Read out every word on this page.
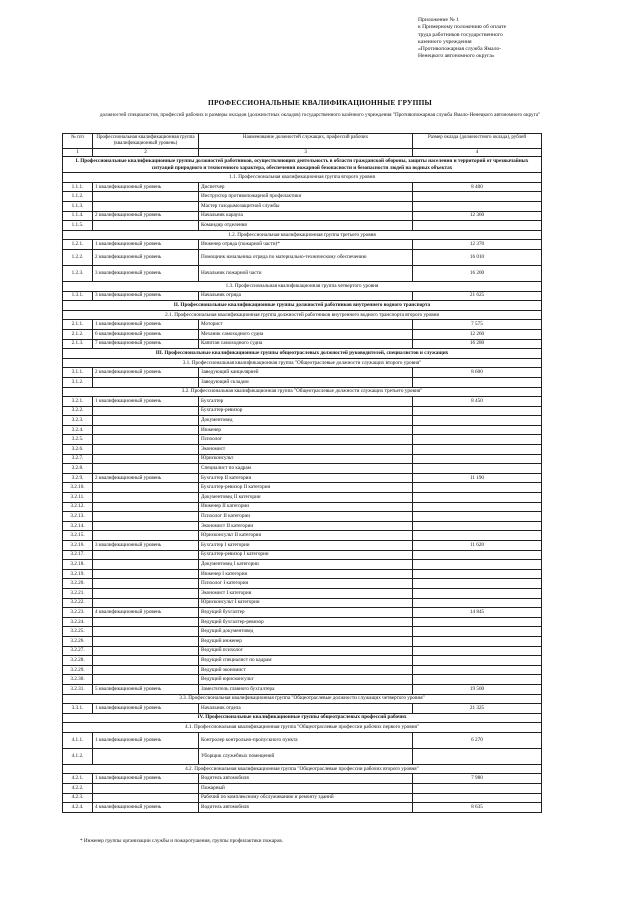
Приложение № 1
к Примерному положению об оплате
труда работников государственного
казенного учреждения
«Противопожарная служба Ямало-
Ненецкого автономного округа»
ПРОФЕССИОНАЛЬНЫЕ КВАЛИФИКАЦИОННЫЕ ГРУППЫ
должностей специалистов, профессий рабочих и размеры окладов (должностных окладов) государственного казённого учреждения "Противопожарная служба Ямало-Ненецкого автономного округа"
№ п/п	Профессиональная квалификационная группа (квалификационный уровень)	Наименование должностей служащих, профессий рабочих	Размер оклада (должностного оклада), рублей
1	2	3	4
I. Профессиональные квалификационные группы должностей работников, осуществляющих деятельность в области гражданской обороны, защиты населения и территорий от чрезвычайных ситуаций природного и техногенного характера, обеспечения пожарной безопасности и безопасности людей на водных объектах			
1.1. Профессиональная квалификационная группа второго уровня			
1.1.1.	1 квалификационный уровень	Диспетчер	8 400
1.1.2.		Инструктор противопожарной профилактики	
1.1.3.		Мастер газодымозащитной службы	
1.1.4.	2 квалификационный уровень	Начальник караула	12 360
1.1.5.		Командир отделения	
1.2. Профессиональная квалификационная группа третьего уровня			
1.2.1.	1 квалификационный уровень	Инженер отряда (пожарной части)*	12 370
1.2.2.	2 квалификационный уровень	Помощник начальника отряда по материально-техническому обеспечению	16 010
1.2.3.	3 квалификационный уровень	Начальник пожарной части	16 200
1.3. Профессиональная квалификационная группа четвертого уровня			
1.3.1.	3 квалификационный уровень	Начальник отряда	21 625
II. Профессиональные квалификационные группы должностей работников внутреннего водного транспорта			
2.1. Профессиональная квалификационная группа должностей работников внутреннего водного транспорта второго уровня			
2.1.1.	1 квалификационный уровень	Моторист	7 575
2.1.2.	6 квалификационный уровень	Механик самоходного судна	12 260
2.1.3.	7 квалификационный уровень	Капитан самоходного судна	16 280
III. Профессиональные квалификационные группы общеотраслевых должностей руководителей, специалистов и служащих			
3.1. Профессиональная квалификационная группа "Общеотраслевые должности служащих второго уровня"			
3.1.1.	2 квалификационный уровень	Заведующий канцелярией	8 600
3.1.2.		Заведующий складом	
3.2. Профессиональная квалификационная группа "Общеотраслевые должности служащих третьего уровня"			
3.2.1.	1 квалификационный уровень	Бухгалтер	8 450
3.2.2.		Бухгалтер-ревизор	
3.2.3.		Документовед	
3.2.4.		Инженер	
3.2.5.		Психолог	
3.2.6.		Экономист	
3.2.7.		Юрисконсульт	
3.2.8.		Специалист по кадрам	
3.2.9.	2 квалификационный уровень	Бухгалтер II категории	11 190
3.2.10.		Бухгалтер-ревизор II категории	
3.2.11.		Документовед II категории	
3.2.12.		Инженер II категории	
3.2.13.		Психолог II категории	
3.2.14.		Экономист II категории	
3.2.15.		Юрисконсульт II категории	
3.2.16.	3 квалификационный уровень	Бухгалтер I категории	11 620
3.2.17.		Бухгалтер-ревизор I категории	
3.2.18.		Документовед I категории	
3.2.19.		Инженер I категории	
3.2.20.		Психолог I категории	
3.2.21.		Экономист I категории	
3.2.22.		Юрисконсульт I категории	
3.2.23.	4 квалификационный уровень	Ведущий бухгалтер	14 845
3.2.24.		Ведущий бухгалтер-ревизор	
3.2.25.		Ведущий документовед	
3.2.26.		Ведущий инженер	
3.2.27.		Ведущий психолог	
3.2.28.		Ведущий специалист по кадрам	
3.2.29.		Ведущий экономист	
3.2.30.		Ведущий юрисконсульт	
3.2.31.	5 квалификационный уровень	Заместитель главного бухгалтера	19 500
3.3. Профессиональная квалификационная группа "Общеотраслевые должности служащих четвертого уровня"			
3.3.1.	1 квалификационный уровень	Начальник отдела	21 325
IV. Профессиональные квалификационные группы общеотраслевых профессий рабочих			
4.1. Профессиональная квалификационная группа "Общеотраслевые профессии рабочих первого уровня"			
4.1.1.	1 квалификационный уровень	Контролер контрольно-пропускного пункта	6 270
4.1.2.		Уборщик служебных помещений	
4.2. Профессиональная квалификационная группа "Общеотраслевые профессии рабочих второго уровня"			
4.2.1.	1 квалификационный уровень	Водитель автомобиля	7 980
4.2.2.		Пожарный	
4.2.3.		Рабочий по комплексному обслуживанию и ремонту зданий	
4.2.4.	4 квалификационный уровень	Водитель автомобиля	8 635
* Инженер группы организации службы и пожаротушения, группы профилактики пожаров.
